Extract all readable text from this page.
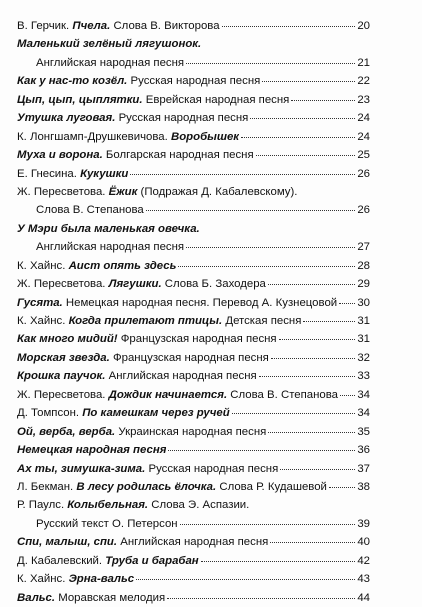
В. Герчик. Пчела. Слова В. Викторова	20
Маленький зелёный лягушонок.
Английская народная песня	21
Как у нас-то козёл. Русская народная песня	22
Цып, цып, цыплятки. Еврейская народная песня	23
Утушка луговая. Русская народная песня	24
К. Лонгшамп-Друшкевичова. Воробышек	24
Муха и ворона. Болгарская народная песня	25
Е. Гнесина. Кукушки	26
Ж. Пересветова. Ёжик (Подражая Д. Кабалевскому).
Слова В. Степанова	26
У Мэри была маленькая овечка.
Английская народная песня	27
К. Хайнс. Аист опять здесь	28
Ж. Пересветова. Лягушки. Слова Б. Заходера	29
Гусята. Немецкая народная песня. Перевод А. Кузнецовой 30
К. Хайнс. Когда прилетают птицы. Детская песня	31
Как много мидий! Французская народная песня	31
Морская звезда. Французская народная песня	32
Крошка паучок. Английская народная песня	33
Ж. Пересветова. Дождик начинается. Слова В. Степанова 34
Д. Томпсон. По камешкам через ручей	34
Ой, верба, верба. Украинская народная песня	35
Немецкая народная песня	36
Ах ты, зимушка-зима. Русская народная песня	37
Л. Бекман. В лесу родилась ёлочка. Слова Р. Кудашевой	38
Р. Паулс. Колыбельная. Слова Э. Аспазии.
Русский текст О. Петерсон	39
Спи, малыш, спи. Английская народная песня	40
Д. Кабалевский. Труба и барабан	42
К. Хайнс. Эрна-вальс	43
Вальс. Моравская мелодия	44
